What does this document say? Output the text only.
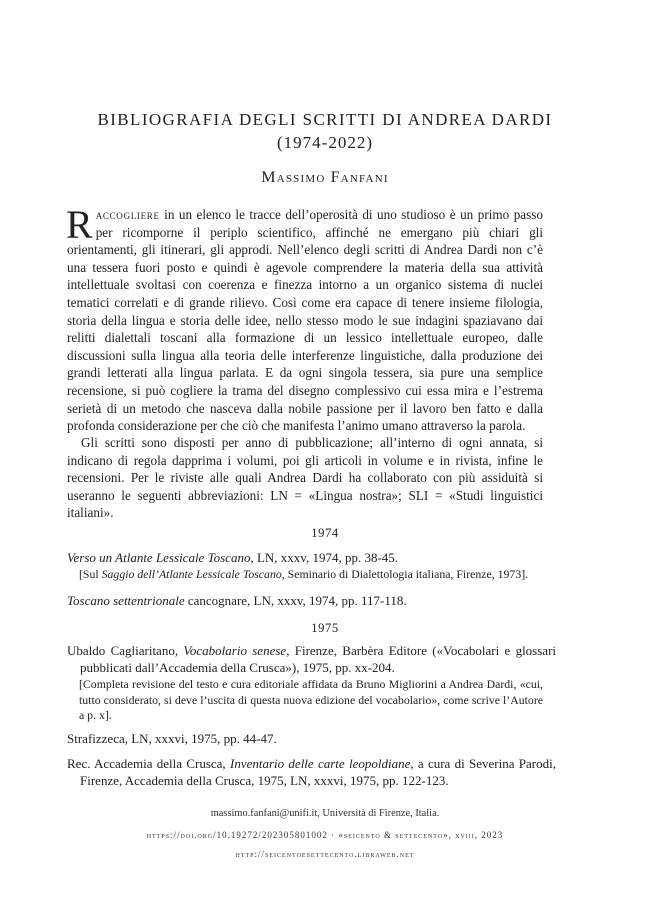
BIBLIOGRAFIA DEGLI SCRITTI DI ANDREA DARDI
(1974-2022)
Massimo Fanfani
Raccogliere in un elenco le tracce dell’operosità di uno studioso è un primo passo per ricomporne il periplo scientifico, affinché ne emergano più chiari gli orientamenti, gli itinerari, gli approdi. Nell’elenco degli scritti di Andrea Dardi non c’è una tessera fuori posto e quindi è agevole comprendere la materia della sua attività intellettuale svoltasi con coerenza e finezza intorno a un organico sistema di nuclei tematici correlati e di grande rilievo. Così come era capace di tenere insieme filologia, storia della lingua e storia delle idee, nello stesso modo le sue indagini spaziavano dai relitti dialettali toscani alla formazione di un lessico intellettuale europeo, dalle discussioni sulla lingua alla teoria delle interferenze linguistiche, dalla produzione dei grandi letterati alla lingua parlata. E da ogni singola tessera, sia pure una semplice recensione, si può cogliere la trama del disegno complessivo cui essa mira e l’estrema serietà di un metodo che nasceva dalla nobile passione per il lavoro ben fatto e dalla profonda considerazione per che ciò che manifesta l’animo umano attraverso la parola.
Gli scritti sono disposti per anno di pubblicazione; all’interno di ogni annata, si indicano di regola dapprima i volumi, poi gli articoli in volume e in rivista, infine le recensioni. Per le riviste alle quali Andrea Dardi ha collaborato con più assiduità si useranno le seguenti abbreviazioni: LN = «Lingua nostra»; SLI = «Studi linguistici italiani».
1974
Verso un Atlante Lessicale Toscano, LN, xxxv, 1974, pp. 38-45.
[Sul Saggio dell’Atlante Lessicale Toscano, Seminario di Dialettologia italiana, Firenze, 1973].
Toscano settentrionale cancognare, LN, xxxv, 1974, pp. 117-118.
1975
Ubaldo Cagliaritano, Vocabolario senese, Firenze, Barbèra Editore («Vocabolari e glossari pubblicati dall’Accademia della Crusca»), 1975, pp. xx-204.
[Completa revisione del testo e cura editoriale affidata da Bruno Migliorini a Andrea Dardi, «cui, tutto considerato, si deve l’uscita di questa nuova edizione del vocabolario», come scrive l’Autore a p. x].
Strafizzeca, LN, xxxvi, 1975, pp. 44-47.
Rec. Accademia della Crusca, Inventario delle carte leopoldiane, a cura di Severina Parodi, Firenze, Accademia della Crusca, 1975, LN, xxxvi, 1975, pp. 122-123.
massimo.fanfani@unifi.it, Università di Firenze, Italia.
https://doi.org/10.19272/202305801002 · «seicento & settecento», xviii, 2023
http://seicentoesettecento.libraweb.net
